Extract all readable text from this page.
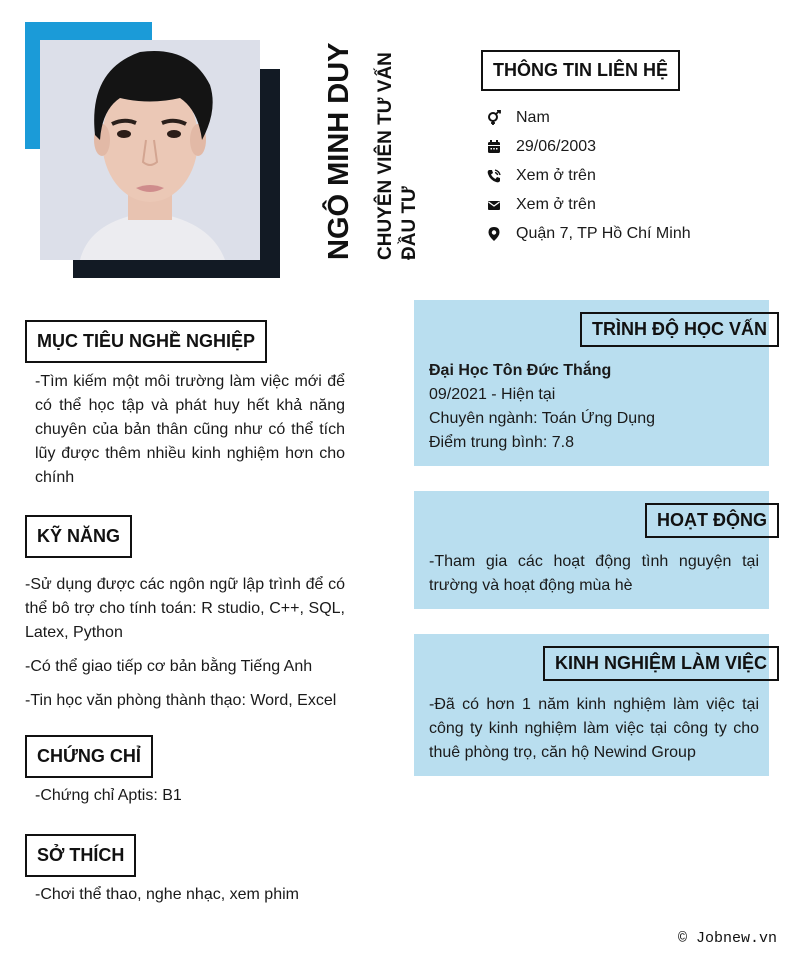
NGÔ MINH DUY CHUYÊN VIÊN TƯ VẤN ĐẦU TƯ
THÔNG TIN LIÊN HỆ
Nam
29/06/2003
Xem ở trên
Xem ở trên
Quận 7, TP Hồ Chí Minh
MỤC TIÊU NGHỀ NGHIỆP

-Tìm kiếm một môi trường làm việc mới để có thể học tập và phát huy hết khả năng chuyên của bản thân cũng như có thể tích lũy được thêm nhiều kinh nghiệm hơn cho chính

KỸ NĂNG

-Sử dụng được các ngôn ngữ lập trình để có thể bô trợ cho tính toán: R studio, C++, SQL, Latex, Python

-Có thể giao tiếp cơ bản bằng Tiếng Anh

-Tin học văn phòng thành thạo: Word, Excel

CHỨNG CHỈ

-Chứng chỉ Aptis: B1

SỞ THÍCH

-Chơi thể thao, nghe nhạc, xem phim

TRÌNH ĐỘ HỌC VẤN
Đại Học Tôn Đức Thắng
09/2021 - Hiện tại
Chuyên ngành: Toán Ứng Dụng
Điểm trung bình: 7.8
HOẠT ĐỘNG

-Tham gia các hoạt động tình nguyện tại trường và hoạt động mùa hè

KINH NGHIỆM LÀM VIỆC

-Đã có hơn 1 năm kinh nghiệm làm việc tại công ty kinh nghiệm làm việc tại công ty cho thuê phòng trọ, căn hộ Newind Group

© Jobnew.vn
